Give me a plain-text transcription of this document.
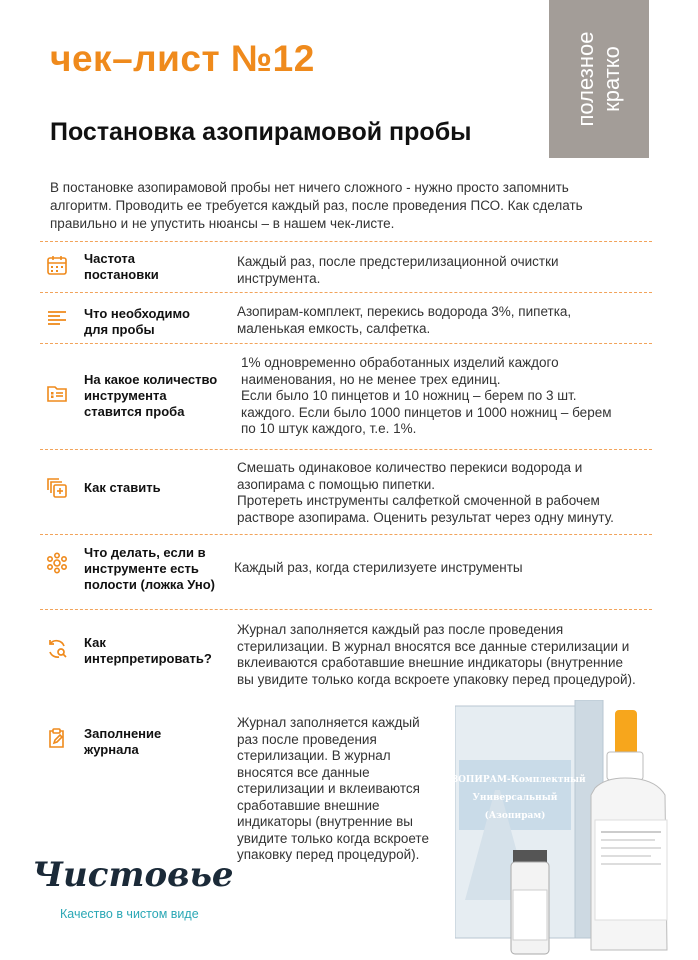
чек–лист №12	полезное кратко
Постановка азопирамовой пробы
В постановке азопирамовой пробы нет ничего сложного - нужно просто запомнить алгоритм. Проводить ее требуется каждый раз, после проведения ПСО. Как сделать правильно и не упустить нюансы – в нашем чек-листе.
Частота
постановки
Каждый раз, после предстерилизационной очистки
инструмента.
Что необходимо
для пробы
Азопирам-комплект, перекись водорода 3%, пипетка,
маленькая емкость, салфетка.
На какое количество
инструмента
ставится проба
1% одновременно обработанных изделий каждого
наименования, но не менее трех единиц.
Если было 10 пинцетов и 10 ножниц – берем по 3 шт.
каждого. Если было 1000 пинцетов и 1000 ножниц – берем
по 10 штук каждого, т.е. 1%.
Как ставить
Смешать одинаковое количество перекиси водорода и
азопирама с помощью пипетки.
Протереть инструменты салфеткой смоченной в рабочем
растворе азопирама. Оценить результат через одну минуту.
Что делать, если в
инструменте есть
полости (ложка Уно)
Каждый раз, когда стерилизуете инструменты
Как
интерпретировать?
Журнал заполняется каждый раз после проведения
стерилизации. В журнал вносятся все данные стерилизации и
вклеиваются сработавшие внешние индикаторы (внутренние
вы увидите только когда вскроете упаковку перед процедурой).
Заполнение
журнала
Журнал заполняется каждый
раз после проведения
стерилизации. В журнал
вносятся все данные
стерилизации и вклеиваются
сработавшие внешние
индикаторы (внутренние вы
увидите только когда вскроете
упаковку перед процедурой).
АЗОПИРАМ-Комплектный
Универсальный
(Азопирам)
Чистовье
Качество в чистом виде
